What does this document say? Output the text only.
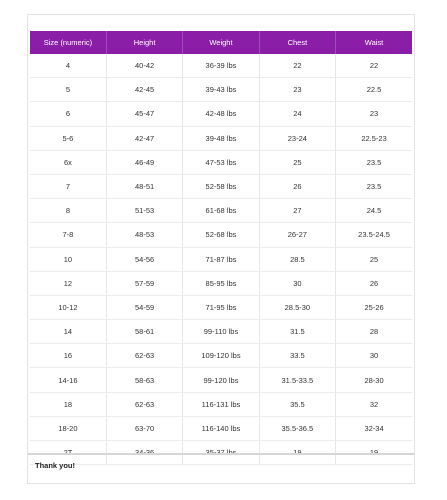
Size (numeric)	Height	Weight	Chest	Waist
4	40-42	36-39 lbs	22	22
5	42-45	39-43 lbs	23	22.5
6	45-47	42-48 lbs	24	23
5-6	42-47	39-48 lbs	23-24	22.5-23
6x	46-49	47-53 lbs	25	23.5
7	48-51	52-58 lbs	26	23.5
8	51-53	61-68 lbs	27	24.5
7-8	48-53	52-68 lbs	26-27	23.5-24.5
10	54-56	71-87 lbs	28.5	25
12	57-59	85-95 lbs	30	26
10-12	54-59	71-95 lbs	28.5-30	25-26
14	58-61	99-110 lbs	31.5	28
16	62-63	109-120 lbs	33.5	30
14-16	58-63	99-120 lbs	31.5-33.5	28-30
18	62-63	116-131 lbs	35.5	32
18-20	63-70	116-140 lbs	35.5-36.5	32-34
2T	34-36	35-37 lbs	19	19
Thank you!
